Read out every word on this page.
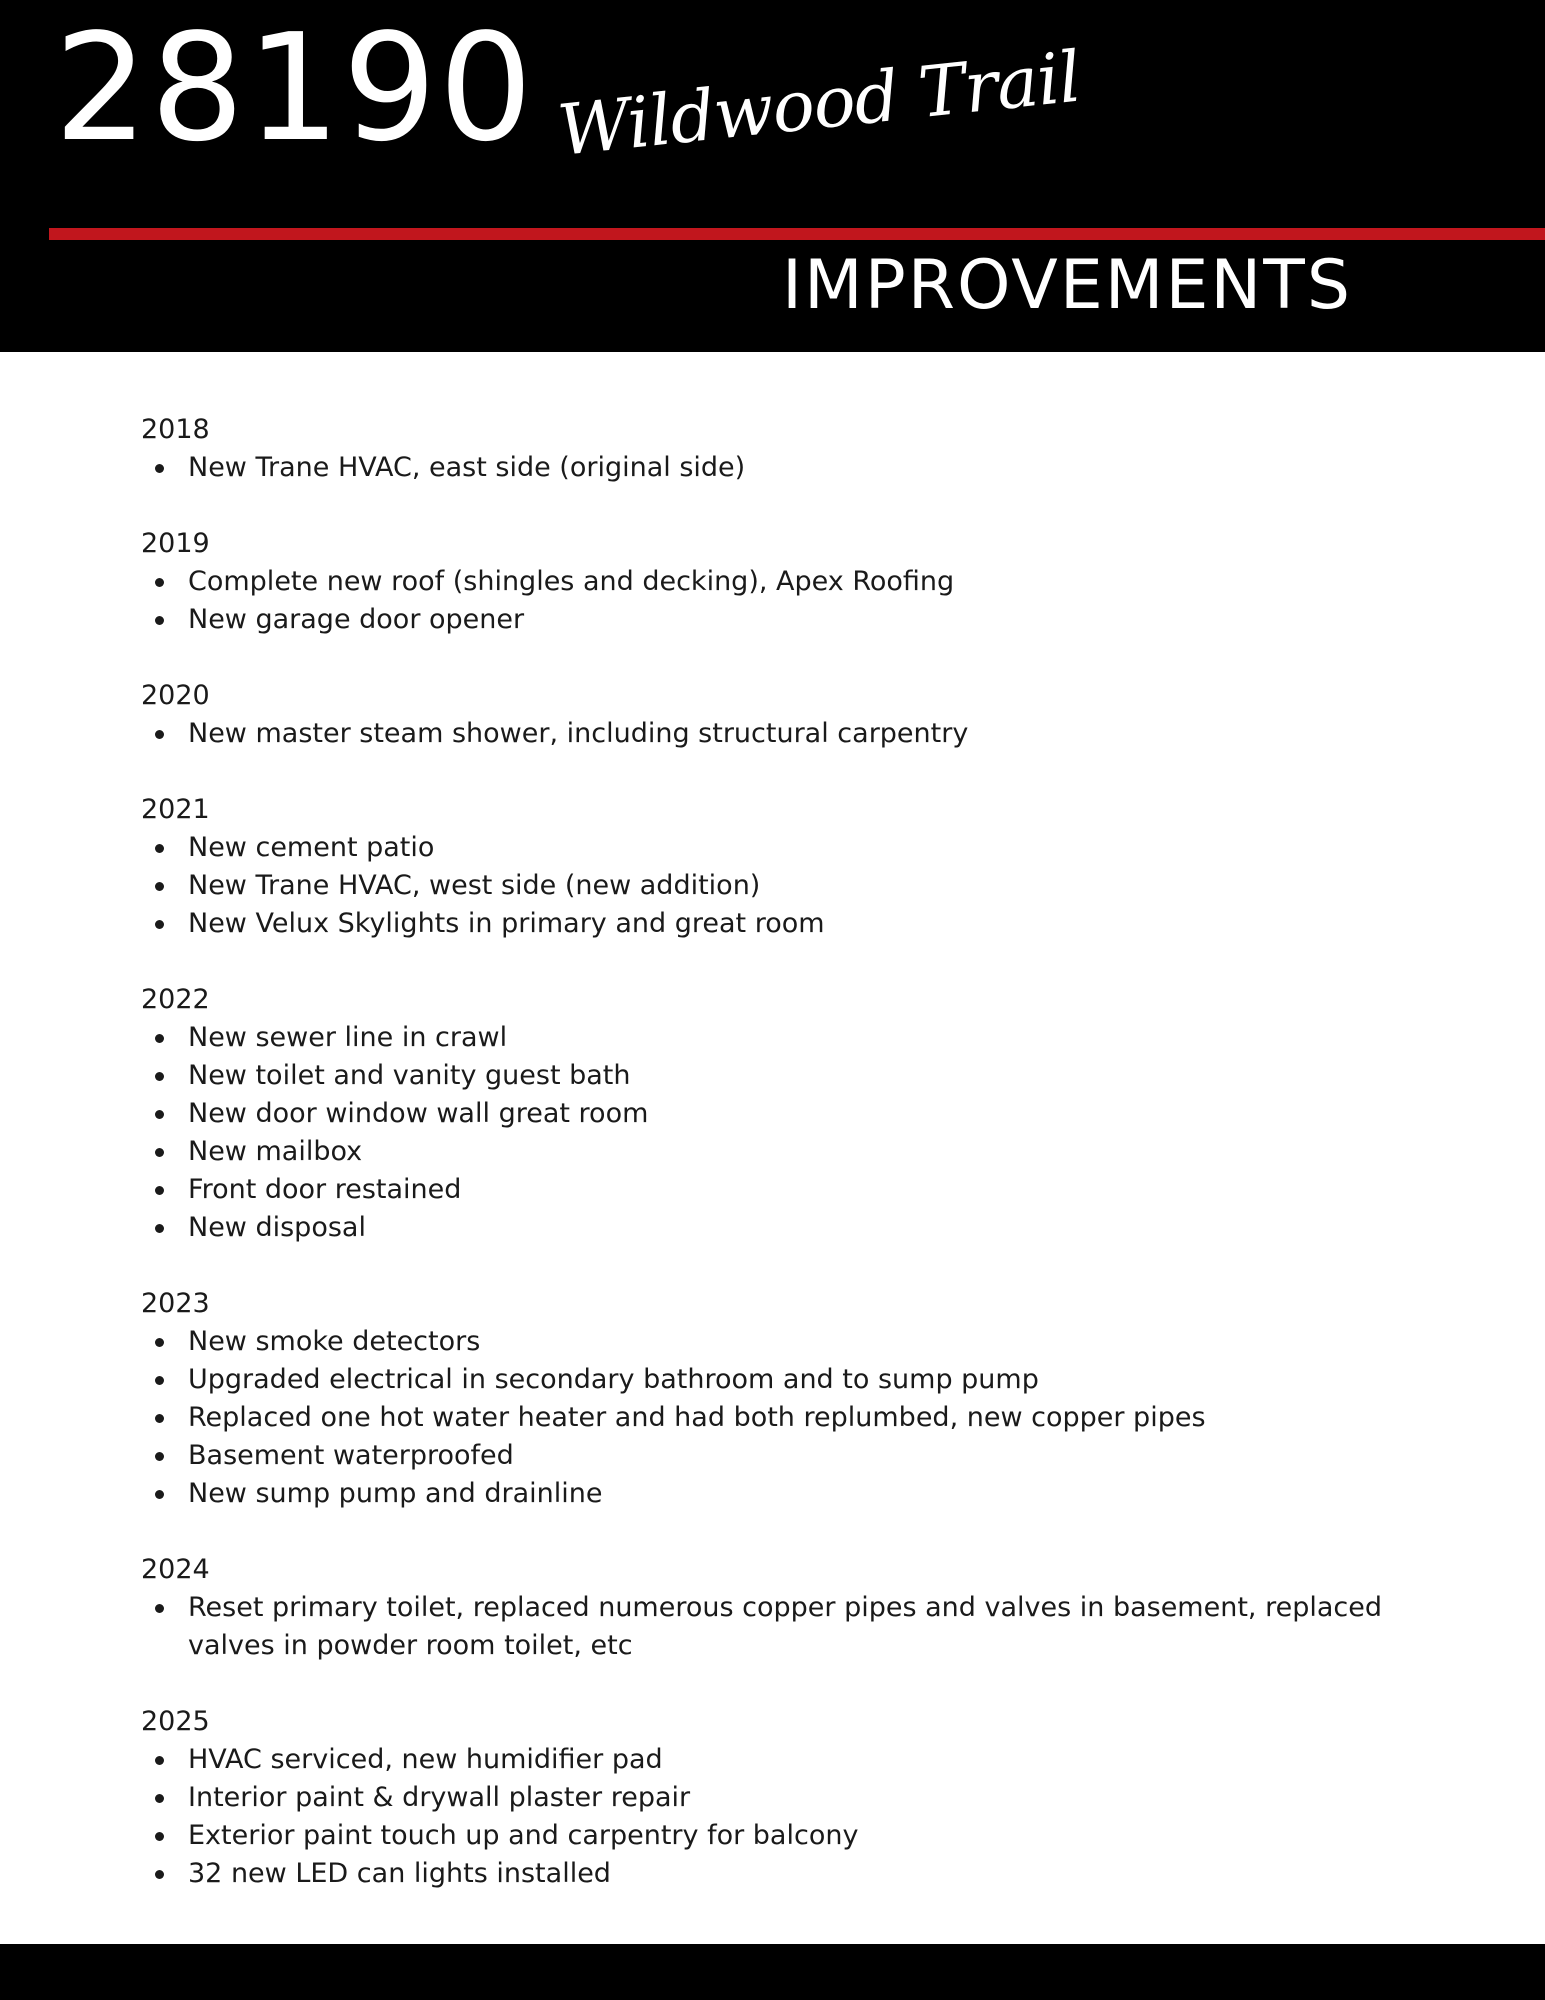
28190 Wildwood Trail
IMPROVEMENTS
2018
New Trane HVAC, east side (original side)
2019
Complete new roof (shingles and decking), Apex Roofing
New garage door opener
2020
New master steam shower, including structural carpentry
2021
New cement patio
New Trane HVAC, west side (new addition)
New Velux Skylights in primary and great room
2022
New sewer line in crawl
New toilet and vanity guest bath
New door window wall great room
New mailbox
Front door restained
New disposal
2023
New smoke detectors
Upgraded electrical in secondary bathroom and to sump pump
Replaced one hot water heater and had both replumbed, new copper pipes
Basement waterproofed
New sump pump and drainline
2024
Reset primary toilet, replaced numerous copper pipes and valves in basement, replaced valves in powder room toilet, etc
2025
HVAC serviced, new humidifier pad
Interior paint & drywall plaster repair
Exterior paint touch up and carpentry for balcony
32 new LED can lights installed
